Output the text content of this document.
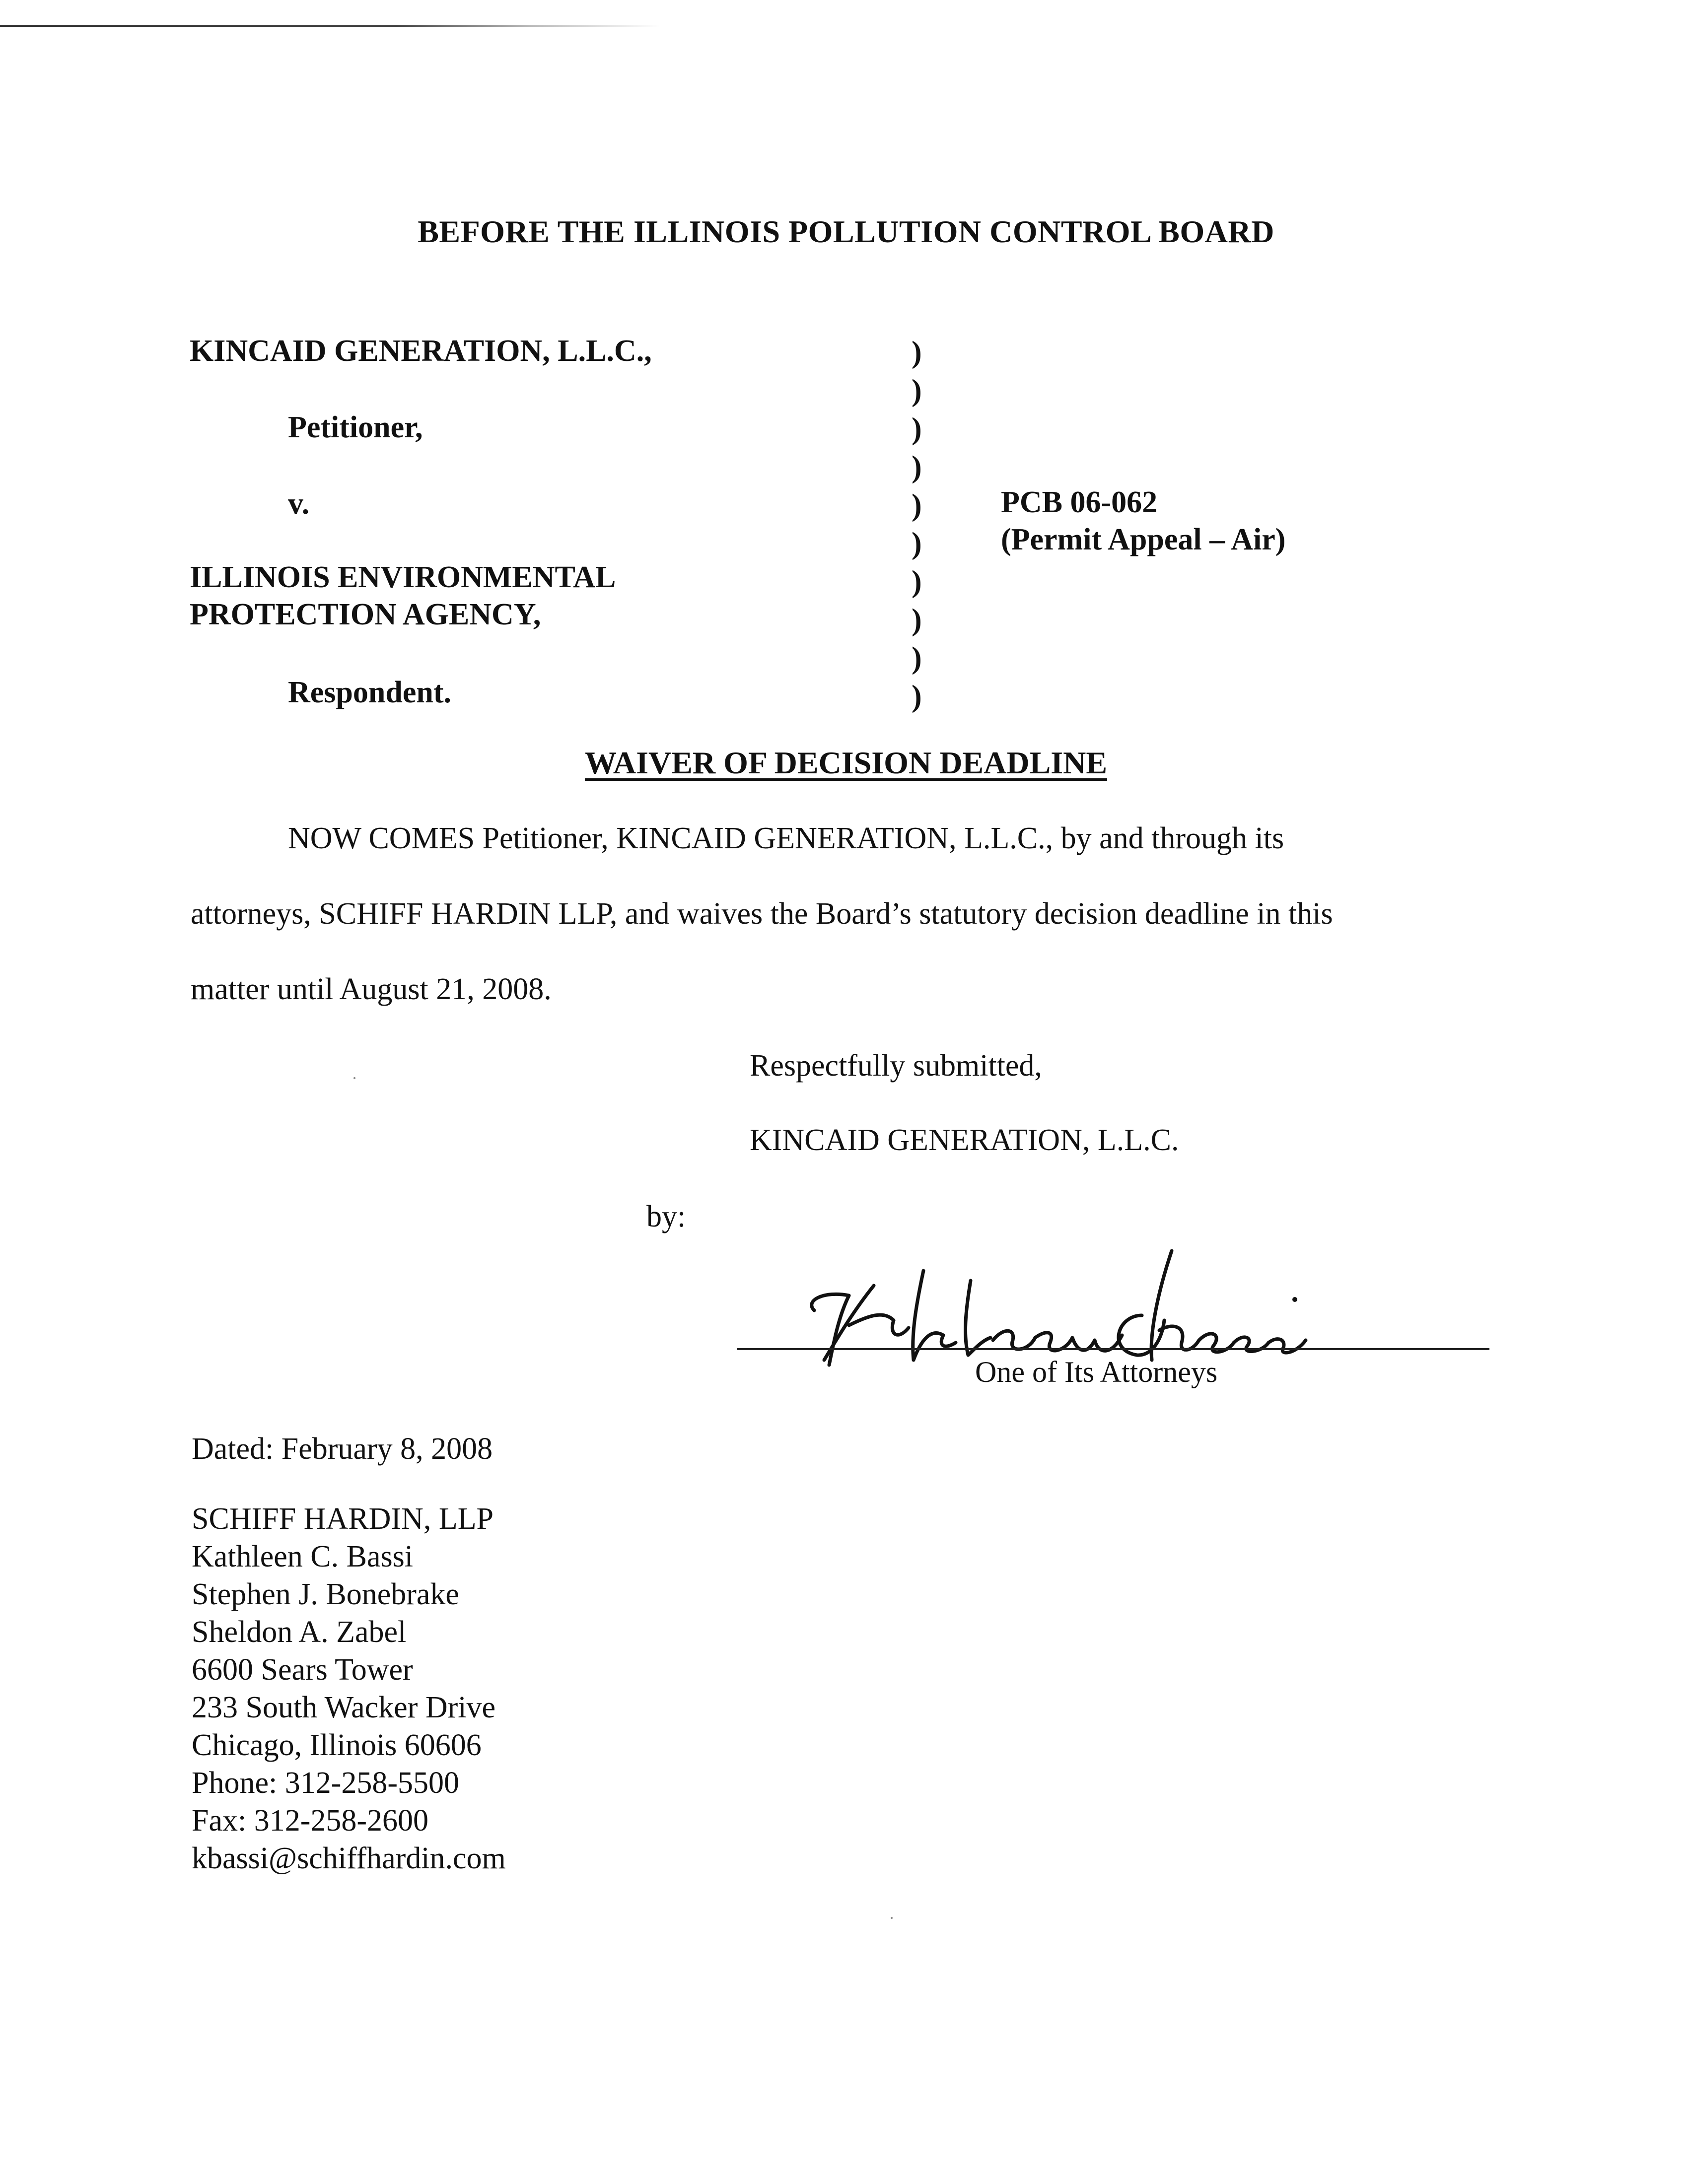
BEFORE THE ILLINOIS POLLUTION CONTROL BOARD
KINCAID GENERATION, L.L.C.,
Petitioner,
v.
ILLINOIS ENVIRONMENTAL
PROTECTION AGENCY,
Respondent.
)
)
)
)
)
)
)
)
)
)
PCB 06-062
(Permit Appeal – Air)
WAIVER OF DECISION DEADLINE
NOW COMES Petitioner, KINCAID GENERATION, L.L.C., by and through its
attorneys, SCHIFF HARDIN LLP, and waives the Board’s statutory decision deadline in this
matter until August 21, 2008.
Respectfully submitted,
KINCAID GENERATION, L.L.C.
by:
One of Its Attorneys
Dated: February 8, 2008
SCHIFF HARDIN, LLP
Kathleen C. Bassi
Stephen J. Bonebrake
Sheldon A. Zabel
6600 Sears Tower
233 South Wacker Drive
Chicago, Illinois 60606
Phone: 312-258-5500
Fax: 312-258-2600
kbassi@schiffhardin.com
